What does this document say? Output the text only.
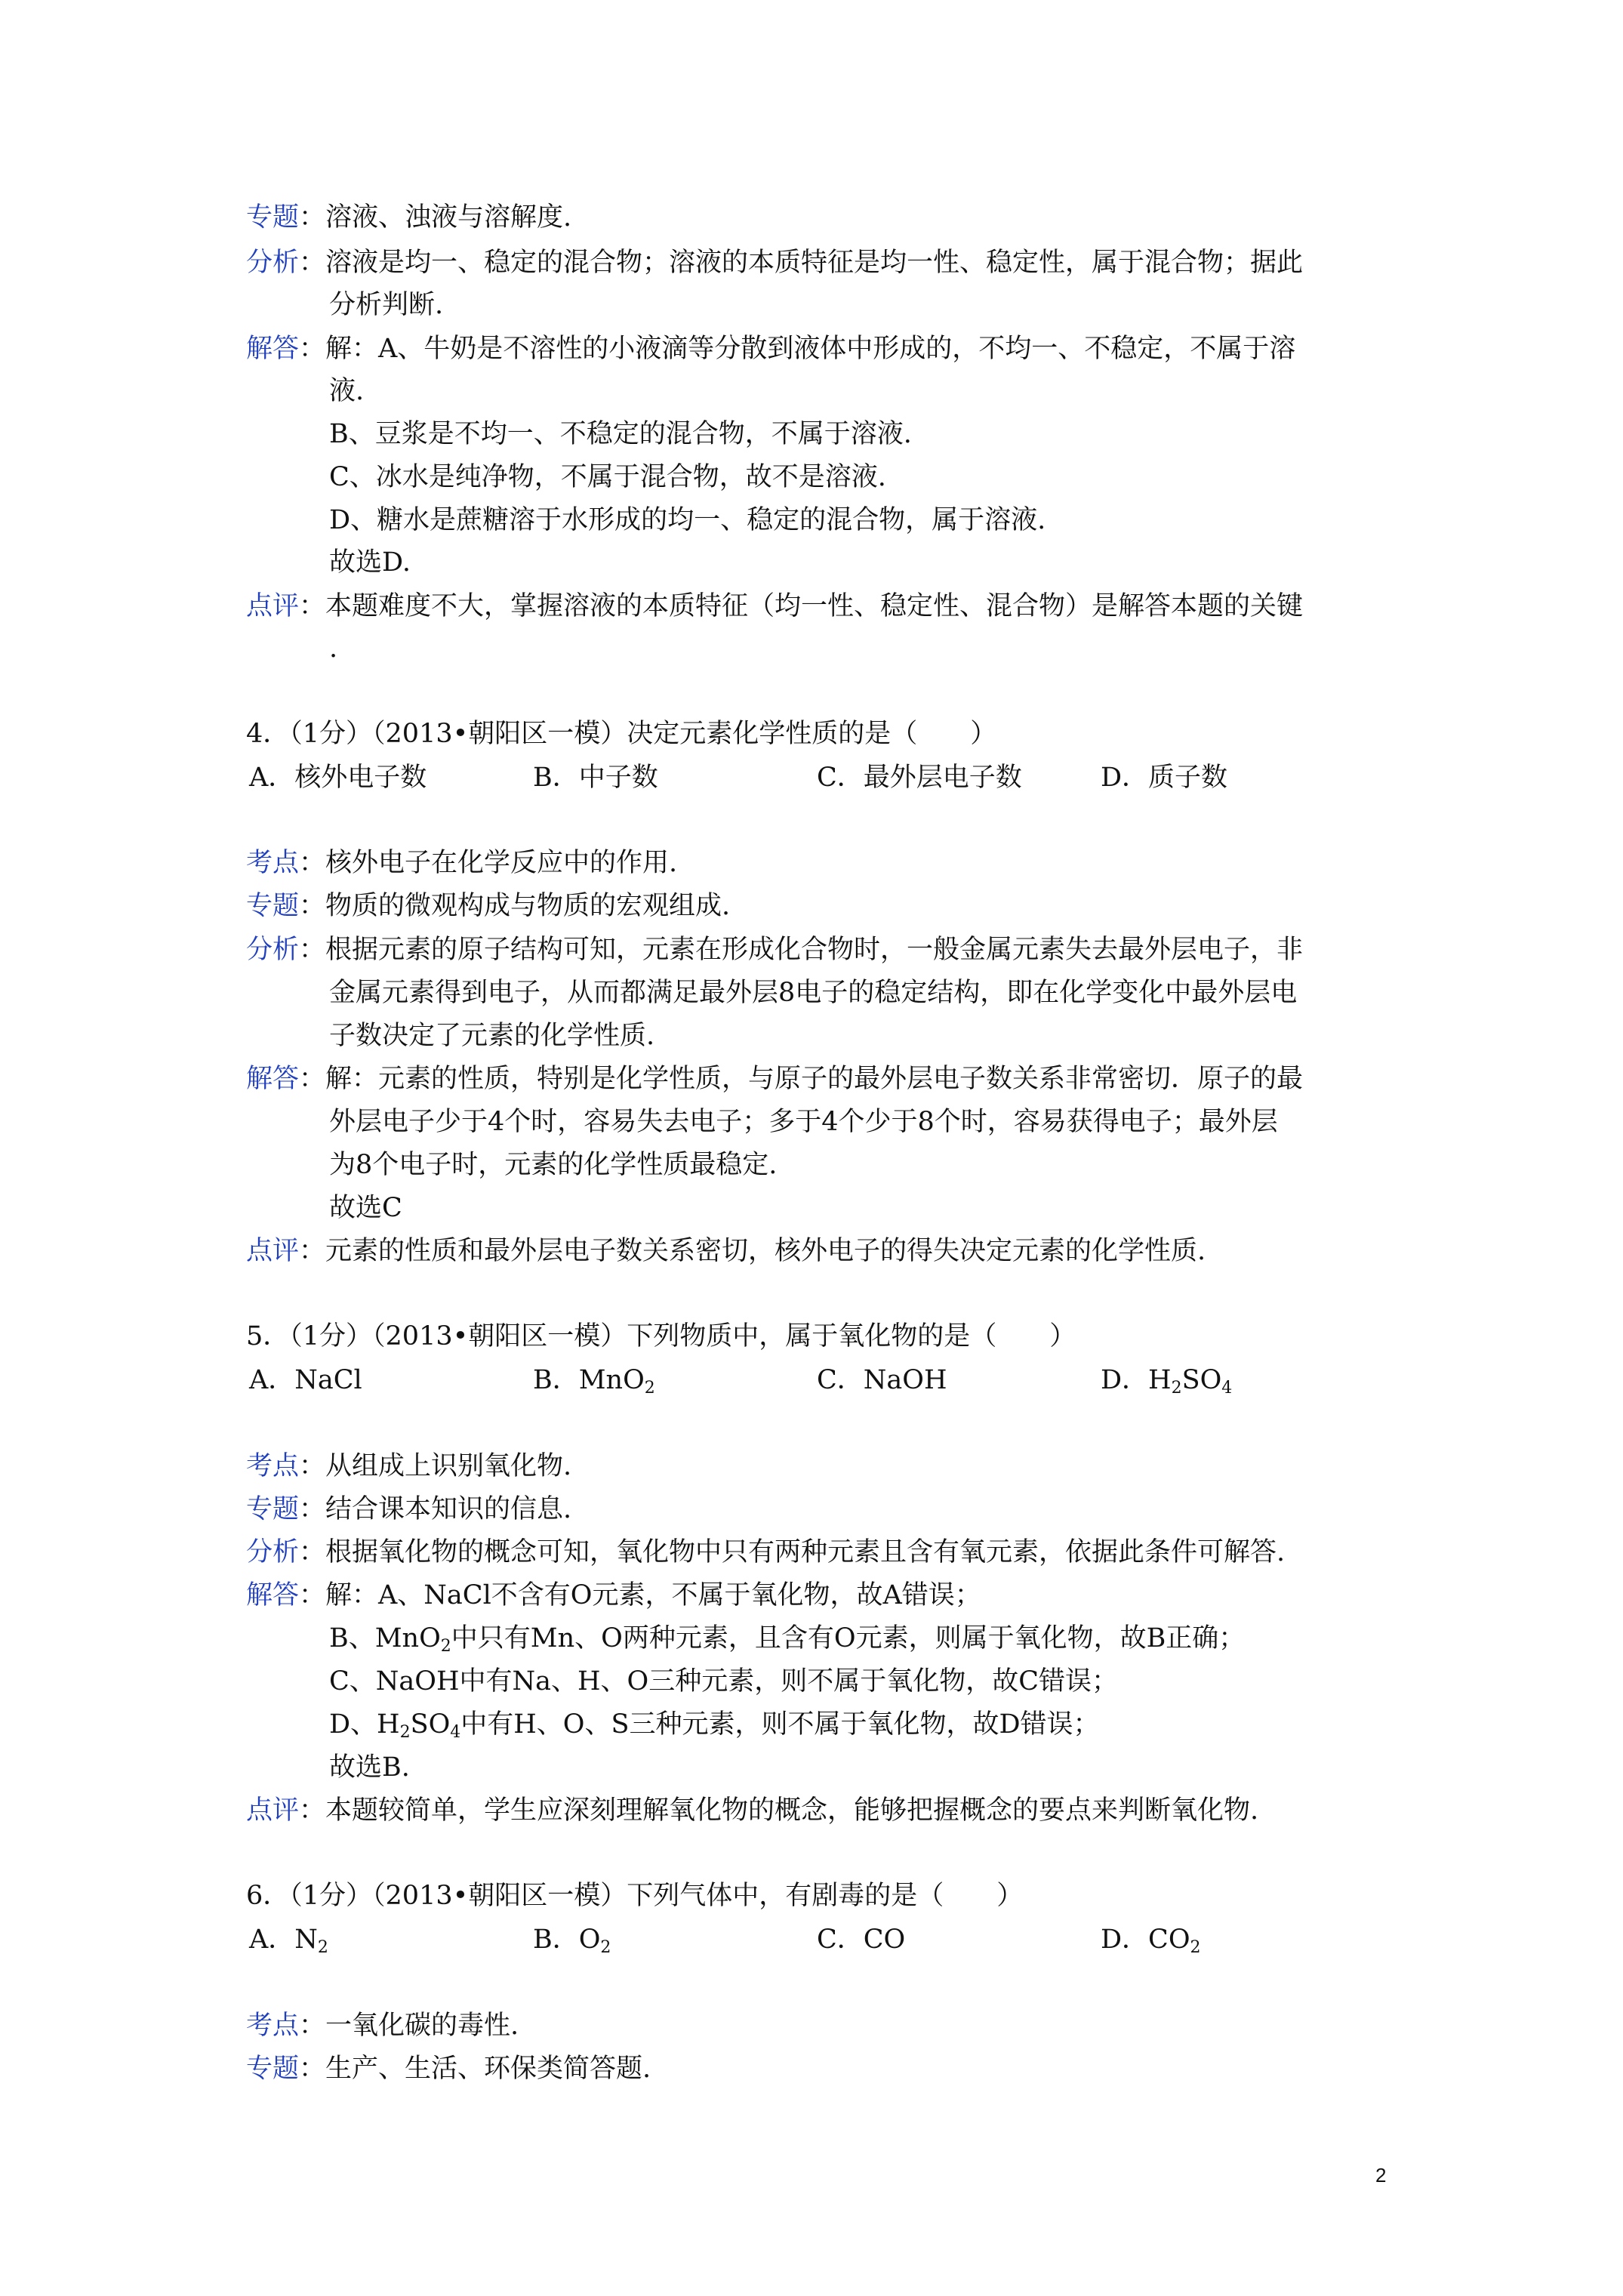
专题：溶液、浊液与溶解度.
分析：溶液是均一、稳定的混合物；溶液的本质特征是均一性、稳定性，属于混合物；据此
分析判断.
解答：解：A、牛奶是不溶性的小液滴等分散到液体中形成的，不均一、不稳定，不属于溶
液.
B、豆浆是不均一、不稳定的混合物，不属于溶液.
C、冰水是纯净物，不属于混合物，故不是溶液.
D、糖水是蔗糖溶于水形成的均一、稳定的混合物，属于溶液.
故选D.
点评：本题难度不大，掌握溶液的本质特征（均一性、稳定性、混合物）是解答本题的关键
.
4．（1分）（2013•朝阳区一模）决定元素化学性质的是（　　）
A．核外电子数	B．中子数	C．最外层电子数	D．质子数
考点：核外电子在化学反应中的作用.
专题：物质的微观构成与物质的宏观组成.
分析：根据元素的原子结构可知，元素在形成化合物时，一般金属元素失去最外层电子，非
金属元素得到电子，从而都满足最外层8电子的稳定结构，即在化学变化中最外层电
子数决定了元素的化学性质.
解答：解：元素的性质，特别是化学性质，与原子的最外层电子数关系非常密切．原子的最
外层电子少于4个时，容易失去电子；多于4个少于8个时，容易获得电子；最外层
为8个电子时，元素的化学性质最稳定.
故选C
点评：元素的性质和最外层电子数关系密切，核外电子的得失决定元素的化学性质.
5．（1分）（2013•朝阳区一模）下列物质中，属于氧化物的是（　　）
A．NaCl	B．MnO$_2$	C．NaOH	D．$H_2SO_4$
考点：从组成上识别氧化物.
专题：结合课本知识的信息.
分析：根据氧化物的概念可知，氧化物中只有两种元素且含有氧元素，依据此条件可解答.
解答：解：A、NaCl不含有O元素，不属于氧化物，故A错误；
B、MnO$_2$中只有Mn、O两种元素，且含有O元素，则属于氧化物，故B正确；
C、NaOH中有Na、H、O三种元素，则不属于氧化物，故C错误；
D、$H_2SO_4$中有H、O、S三种元素，则不属于氧化物，故D错误；
故选B.
点评：本题较简单，学生应深刻理解氧化物的概念，能够把握概念的要点来判断氧化物.
6．（1分）（2013•朝阳区一模）下列气体中，有剧毒的是（　　）
A．$N_2$	B．$O_2$	C．CO	D．$CO_2$
考点：一氧化碳的毒性.
专题：生产、生活、环保类简答题.
2
